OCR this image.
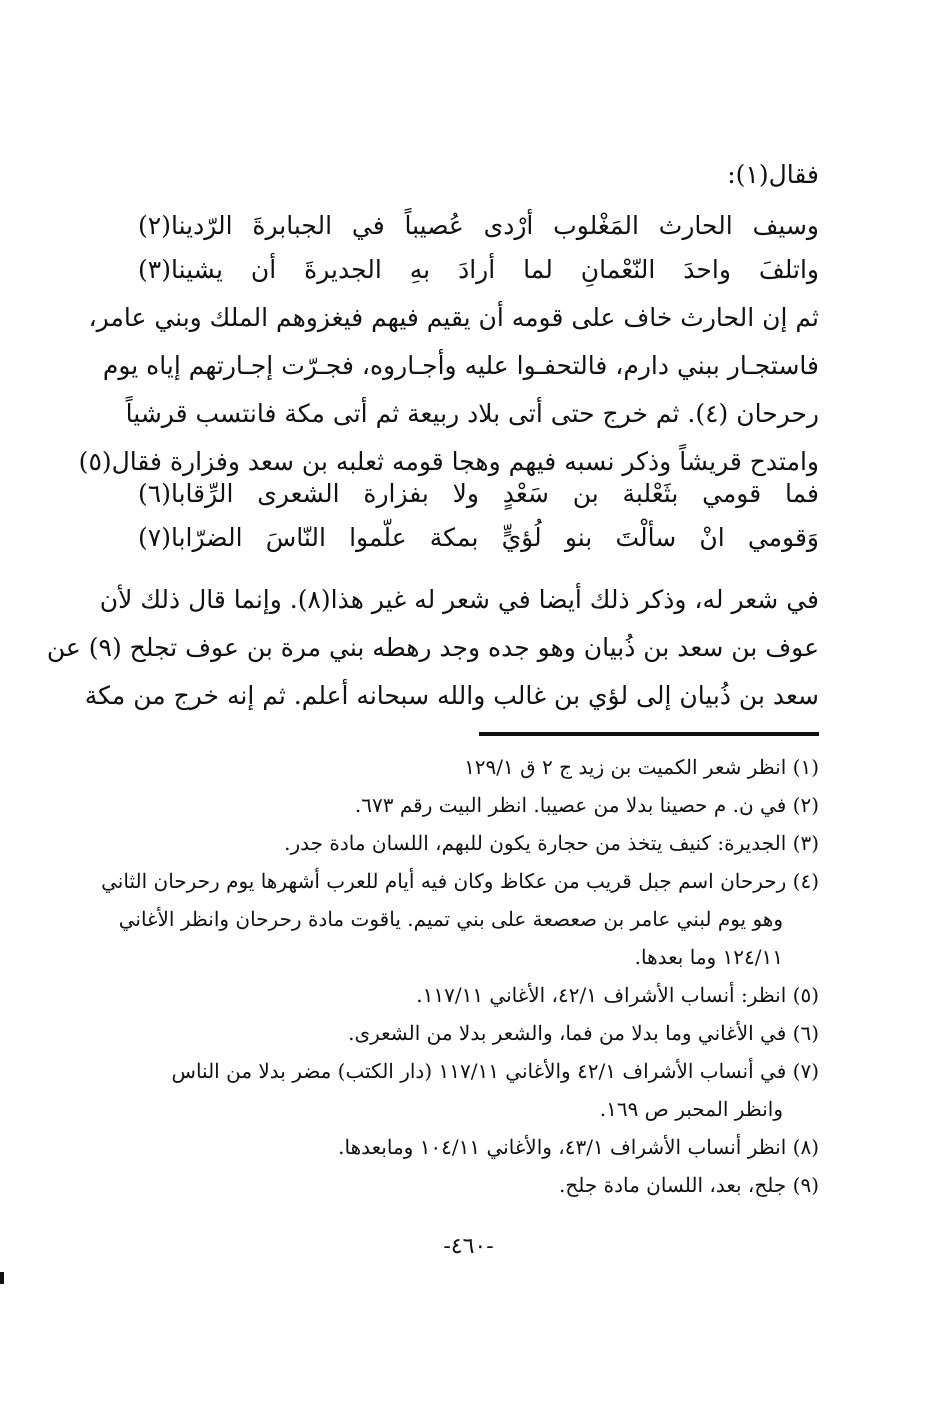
فقال(١):
وسيف الحارث المَغْلوب أرْدى عُصيباً في الجبابرةَ الرّدينا(٢)
واتلفَ واحدَ النّعْمانِ لما أرادَ بهِ الجديرةَ أن يشينا(٣)

ثم إن الحارث خاف على قومه أن يقيم فيهم فيغزوهم الملك وبني عامر،

فاستجـار ببني دارم، فالتحفـوا عليه وأجـاروه، فجـرّت إجـارتهم إياه يوم

رحرحان (٤). ثم خرج حتى أتى بلاد ربيعة ثم أتى مكة فانتسب قرشياً

وامتدح قريشاً وذكر نسبه فيهم وهجا قومه ثعلبه بن سعد وفزارة فقال(٥)

فما قومي بثَعْلبة بن سَعْدٍ ولا بفزارة الشعرى الرِّقابا(٦)
وَقومي انْ سألْتَ بنو لُؤيٍّ بمكة علّموا النّاسَ الضرّابا(٧)

في شعر له، وذكر ذلك أيضا في شعر له غير هذا(٨). وإنما قال ذلك لأن

عوف بن سعد بن ذُبيان وهو جده وجد رهطه بني مرة بن عوف تجلح (٩) عن

سعد بن ذُبيان إلى لؤي بن غالب والله سبحانه أعلم. ثم إنه خرج من مكة

(١) انظر شعر الكميت بن زيد ج ٢ ق ١٢٩/١
(٢) في ن. م حصينا بدلا من عصيبا. انظر البيت رقم ٦٧٣.
(٣) الجديرة: كنيف يتخذ من حجارة يكون للبهم، اللسان مادة جدر.
(٤) رحرحان اسم جبل قريب من عكاظ وكان فيه أيام للعرب أشهرها يوم رحرحان الثاني
وهو يوم لبني عامر بن صعصعة على بني تميم. ياقوت مادة رحرحان وانظر الأغاني
١٢٤/١١ وما بعدها.
(٥) انظر: أنساب الأشراف ٤٢/١، الأغاني ١١٧/١١.
(٦) في الأغاني وما بدلا من فما، والشعر بدلا من الشعرى.
(٧) في أنساب الأشراف ٤٢/١ والأغاني ١١٧/١١ (دار الكتب) مضر بدلا من الناس
وانظر المحبر ص ١٦٩.
(٨) انظر أنساب الأشراف ٤٣/١، والأغاني ١٠٤/١١ ومابعدها.
(٩) جلح، بعد، اللسان مادة جلح.
-٤٦٠-
